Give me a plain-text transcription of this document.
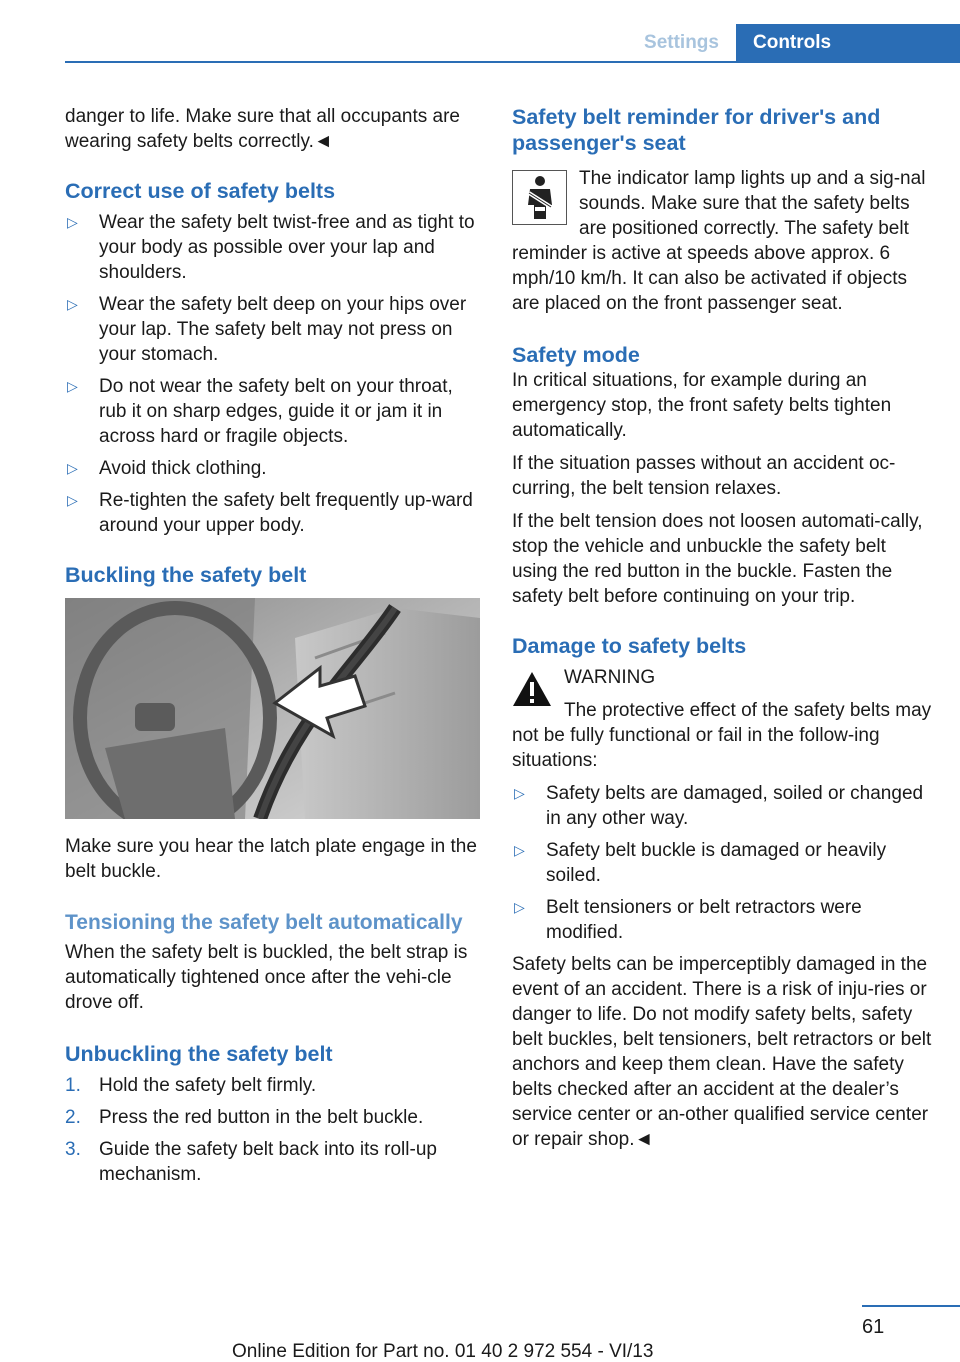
Settings	Controls

danger to life. Make sure that all occupants are wearing safety belts correctly.◄

Correct use of safety belts
▷ Wear the safety belt twist-free and as tight to your body as possible over your lap and shoulders.
▷ Wear the safety belt deep on your hips over your lap. The safety belt may not press on your stomach.
▷ Do not wear the safety belt on your throat, rub it on sharp edges, guide it or jam it in across hard or fragile objects.
▷ Avoid thick clothing.
▷ Re-tighten the safety belt frequently up-ward around your upper body.
Buckling the safety belt

Make sure you hear the latch plate engage in the belt buckle.

Tensioning the safety belt automatically

When the safety belt is buckled, the belt strap is automatically tightened once after the vehi-cle drove off.

Unbuckling the safety belt
1. Hold the safety belt firmly.
2. Press the red button in the belt buckle.
3. Guide the safety belt back into its roll-up mechanism.
Safety belt reminder for driver's and passenger's seat

The indicator lamp lights up and a sig-nal sounds. Make sure that the safety belts are positioned correctly. The safety belt reminder is active at speeds above approx. 6 mph/10 km/h. It can also be activated if objects are placed on the front passenger seat.

Safety mode

In critical situations, for example during an emergency stop, the front safety belts tighten automatically.

If the situation passes without an accident oc-curring, the belt tension relaxes.

If the belt tension does not loosen automati-cally, stop the vehicle and unbuckle the safety belt using the red button in the buckle. Fasten the safety belt before continuing on your trip.

Damage to safety belts
WARNING

The protective effect of the safety belts may not be fully functional or fail in the follow-ing situations:

▷ Safety belts are damaged, soiled or changed in any other way.
▷ Safety belt buckle is damaged or heavily soiled.
▷ Belt tensioners or belt retractors were modified.

Safety belts can be imperceptibly damaged in the event of an accident. There is a risk of inju-ries or danger to life. Do not modify safety belts, safety belt buckles, belt tensioners, belt retractors or belt anchors and keep them clean. Have the safety belts checked after an accident at the dealer’s service center or an-other qualified service center or repair shop.◄

61
Online Edition for Part no. 01 40 2 972 554 - VI/13
